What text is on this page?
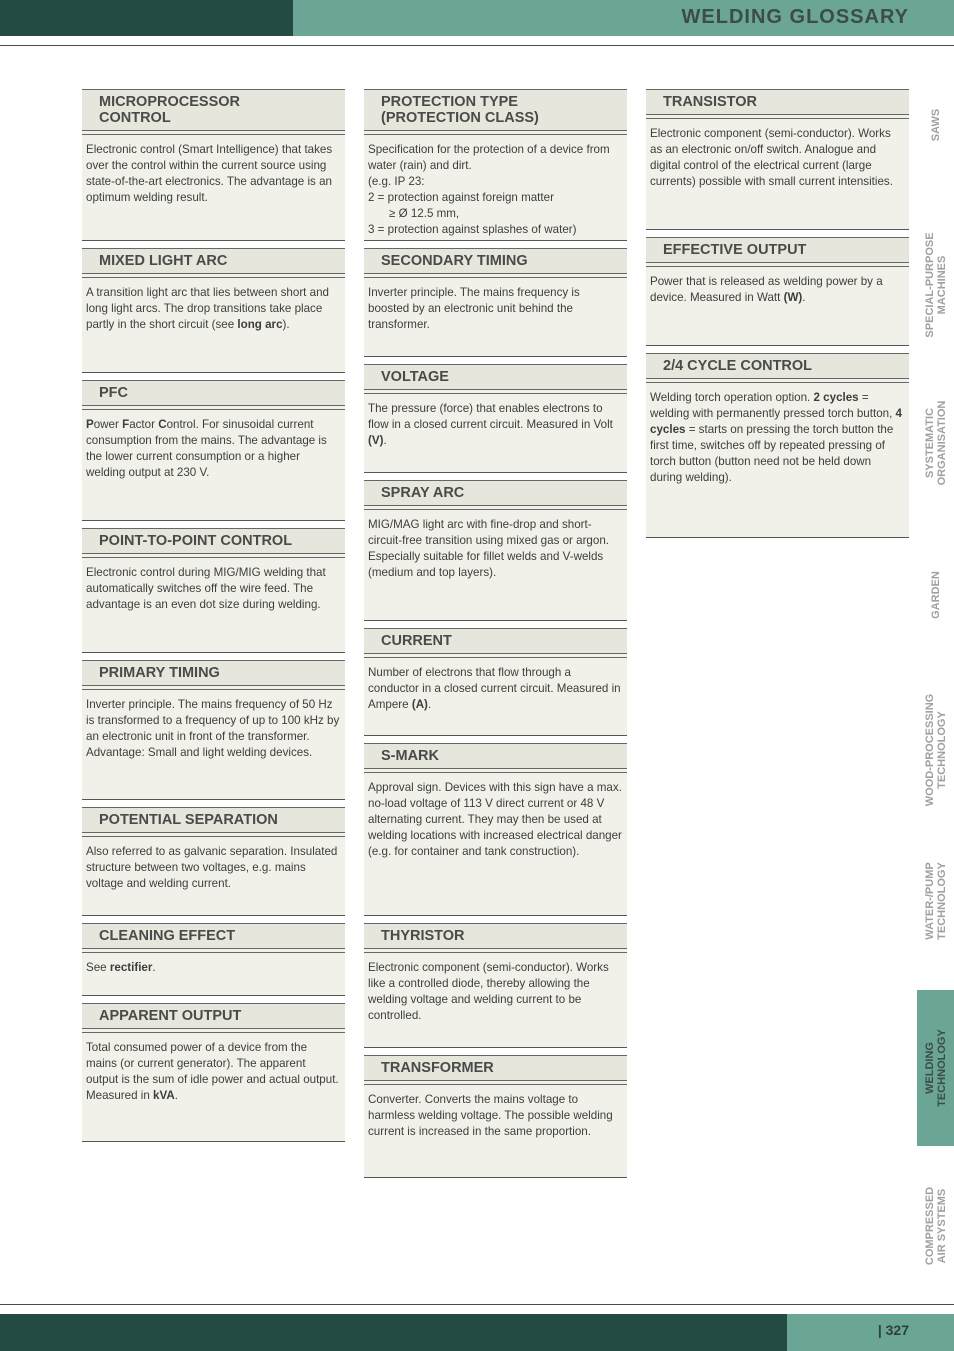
WELDING GLOSSARY
MICROPROCESSOR
CONTROL
Electronic control (Smart Intelligence) that takes over the control within the current source using state-of-the-art electronics. The advantage is an optimum welding result.
MIXED LIGHT ARC
A transition light arc that lies between short and long light arcs. The drop transitions take place partly in the short circuit (see long arc).
PFC
Power Factor Control. For sinusoidal current consumption from the mains. The advantage is the lower current consumption or a higher welding output at 230 V.
POINT-TO-POINT CONTROL
Electronic control during MIG/MIG welding that automatically switches off the wire feed. The advantage is an even dot size during welding.
PRIMARY TIMING
Inverter principle. The mains frequency of 50 Hz is transformed to a frequency of up to 100 kHz by an electronic unit in front of the transformer. Advantage: Small and light welding devices.
POTENTIAL SEPARATION
Also referred to as galvanic separation. Insulated structure between two voltages, e.g. mains voltage and welding current.
CLEANING EFFECT
See rectifier.
APPARENT OUTPUT
Total consumed power of a device from the mains (or current generator). The apparent output is the sum of idle power and actual output. Measured in kVA.
PROTECTION TYPE
(PROTECTION CLASS)
Specification for the protection of a device from water (rain) and dirt.
(e.g. IP 23:
2 = protection against foreign matter
≥ Ø 12.5 mm,
3 = protection against splashes of water)
SECONDARY TIMING
Inverter principle. The mains frequency is boosted by an electronic unit behind the transformer.
VOLTAGE
The pressure (force) that enables electrons to flow in a closed current circuit. Measured in Volt (V).
SPRAY ARC
MIG/MAG light arc with fine-drop and short-circuit-free transition using mixed gas or argon. Especially suitable for fillet welds and V-welds (medium and top layers).
CURRENT
Number of electrons that flow through a conductor in a closed current circuit. Measured in Ampere (A).
S-MARK
Approval sign. Devices with this sign have a max. no-load voltage of 113 V direct current or 48 V alternating current. They may then be used at welding locations with increased electrical danger (e.g. for container and tank construction).
THYRISTOR
Electronic component (semi-conductor). Works like a controlled diode, thereby allowing the welding voltage and welding current to be controlled.
TRANSFORMER
Converter. Converts the mains voltage to harmless welding voltage. The possible welding current is increased in the same proportion.
TRANSISTOR
Electronic component (semi-conductor). Works as an electronic on/off switch. Analogue and digital control of the electrical current (large currents) possible with small current intensities.
EFFECTIVE OUTPUT
Power that is released as welding power by a device. Measured in Watt (W).
2/4 CYCLE CONTROL
Welding torch operation option. 2 cycles = welding with permanently pressed torch button, 4 cycles = starts on pressing the torch button the first time, switches off by repeated pressing of torch button (button need not be held down during welding).
SAWS
SPECIAL-PURPOSE MACHINES
SYSTEMATIC ORGANISATION
GARDEN
WOOD-PROCESSING TECHNOLOGY
WATER-/PUMP TECHNOLOGY
WELDING TECHNOLOGY
COMPRESSED AIR SYSTEMS
| 327
